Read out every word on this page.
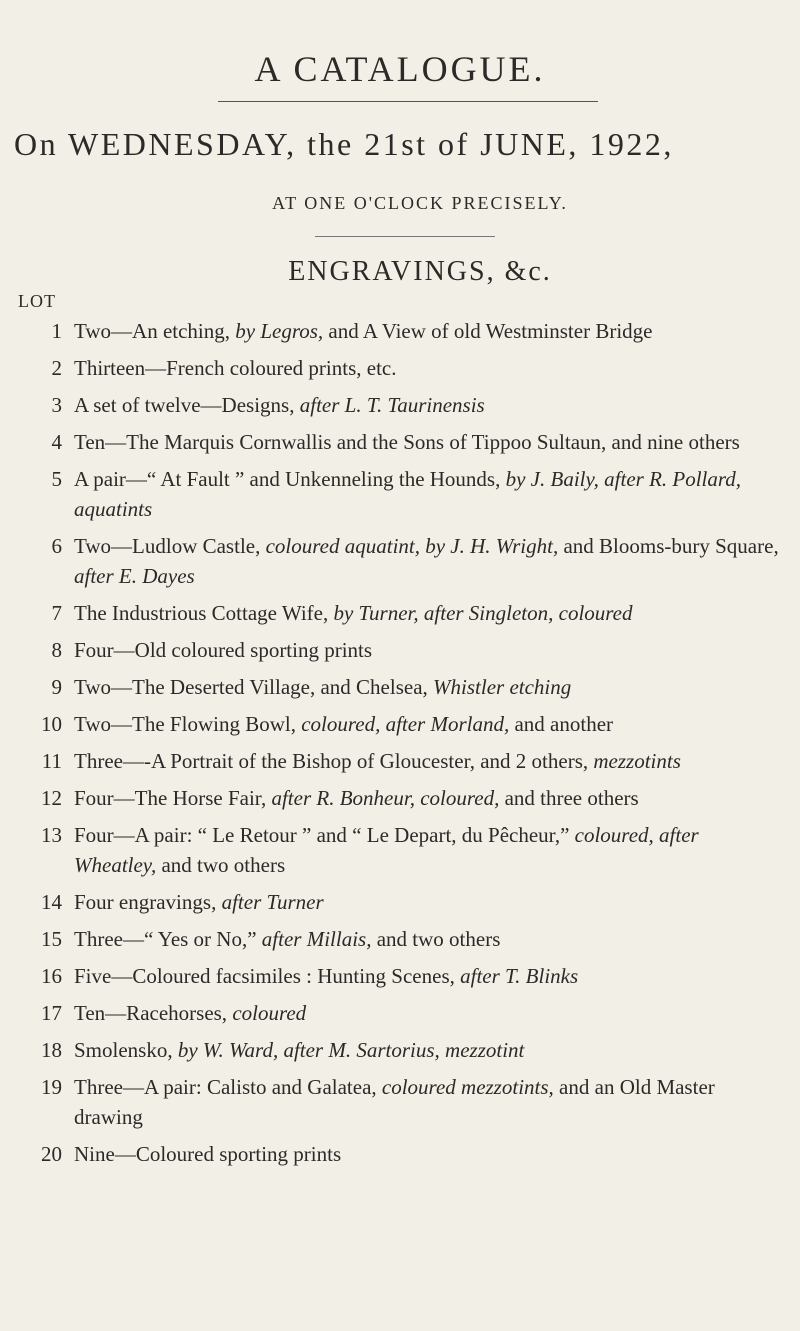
A CATALOGUE.
On WEDNESDAY, the 21st of JUNE, 1922,
AT ONE O'CLOCK PRECISELY.
ENGRAVINGS, &c.
LOT
1 Two—An etching, by Legros, and A View of old Westminster Bridge
2 Thirteen—French coloured prints, etc.
3 A set of twelve—Designs, after L. T. Taurinensis
4 Ten—The Marquis Cornwallis and the Sons of Tippoo Sultaun, and nine others
5 A pair—“ At Fault ” and Unkenneling the Hounds, by J. Baily, after R. Pollard, aquatints
6 Two—Ludlow Castle, coloured aquatint, by J. H. Wright, and Blooms-bury Square, after E. Dayes
7 The Industrious Cottage Wife, by Turner, after Singleton, coloured
8 Four—Old coloured sporting prints
9 Two—The Deserted Village, and Chelsea, Whistler etching
10 Two—The Flowing Bowl, coloured, after Morland, and another
11 Three—-A Portrait of the Bishop of Gloucester, and 2 others, mezzotints
12 Four—The Horse Fair, after R. Bonheur, coloured, and three others
13 Four—A pair: “ Le Retour ” and “ Le Depart, du Pêcheur,” coloured, after Wheatley, and two others
14 Four engravings, after Turner
15 Three—“ Yes or No,” after Millais, and two others
16 Five—Coloured facsimiles : Hunting Scenes, after T. Blinks
17 Ten—Racehorses, coloured
18 Smolensko, by W. Ward, after M. Sartorius, mezzotint
19 Three—A pair: Calisto and Galatea, coloured mezzotints, and an Old Master drawing
20 Nine—Coloured sporting prints
